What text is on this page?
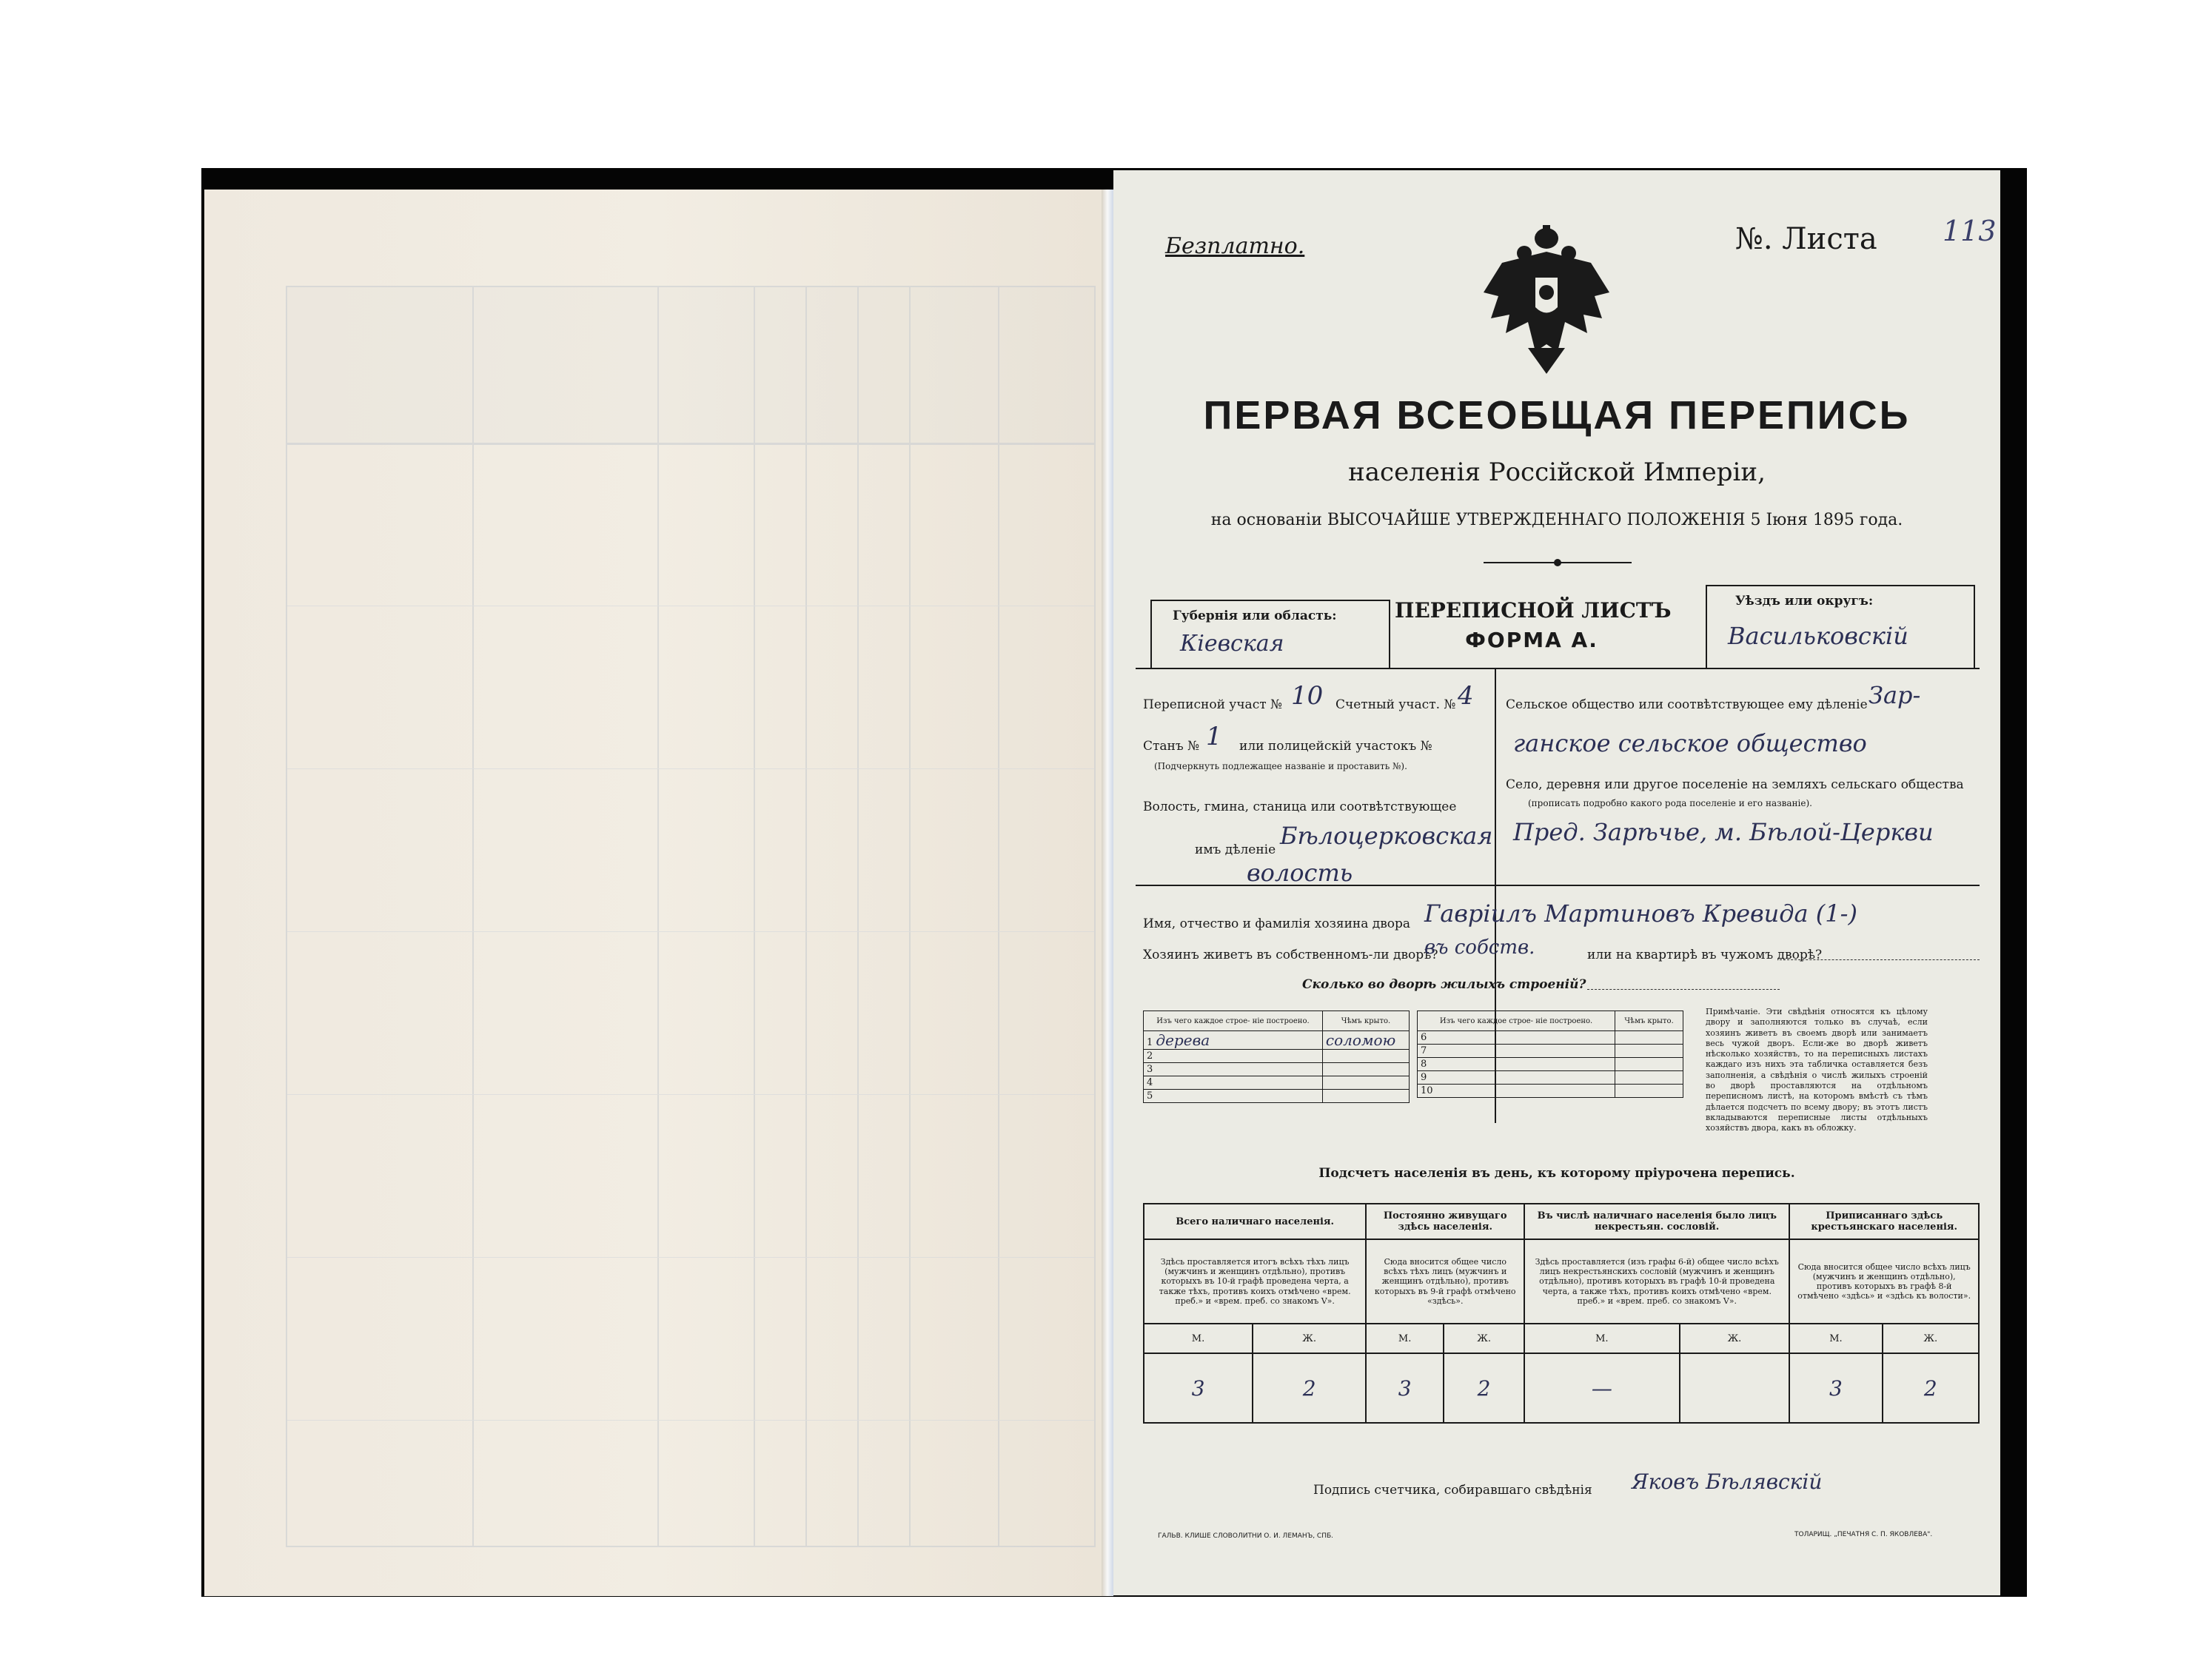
Безплатно.	№. Листа 113
ПЕРВАЯ ВСЕОБЩАЯ ПЕРЕПИСЬ
населенія Россійской Имперіи,
на основаніи ВЫСОЧАЙШЕ УТВЕРЖДЕННАГО ПОЛОЖЕНІЯ 5 Іюня 1895 года.
Губернія или область:
Кіевская
ПЕРЕПИСНОЙ ЛИСТЪ
ФОРМА А.
Уѣздъ или округъ:
Васильковскій
Переписной участ № 10 Счетный участ. № 4
Станъ № 1 или полицейскій участокъ №
(Подчеркнуть подлежащее названіе и проставить №).
Волость, гмина, станица или соотвѣтствующее
имъ дѣленіе Бѣлоцерковская
волость
Сельское общество или соотвѣтствующее ему дѣленіе Зар-
ганское сельское общество
Село, деревня или другое поселеніе на земляхъ сельскаго общества
(прописать подробно какого рода поселеніе и его названіе).
Пред. Зарѣчье, м. Бѣлой-Церкви
Имя, отчество и фамилія хозяина двора Гавріилъ Мартиновъ Кревида (1-)
Хозяинъ живетъ въ собственномъ-ли дворѣ?
въ собств.	или на квартирѣ въ чужомъ дворѣ?
Сколько во дворѣ жилыхъ строеній?
Изъ чего каждое строе- ніе построено.	Чѣмъ крыто.
1 дерева	соломою
2	
3	
4	
5	
Изъ чего каждое строе- ніе построено.	Чѣмъ крыто.
6	
7	
8	
9	
10	
Примѣчаніе. Эти свѣдѣнія относятся къ цѣлому двору и заполняются только въ случаѣ, если хозяинъ живетъ въ своемъ дворѣ или занимаетъ весь чужой дворъ. Если-же во дворѣ живетъ нѣсколько хозяйствъ, то на переписныхъ листахъ каждаго изъ нихъ эта табличка оставляется безъ заполненія, а свѣдѣнія о числѣ жилыхъ строеній во дворѣ проставляются на отдѣльномъ переписномъ листѣ, на которомъ вмѣстѣ съ тѣмъ дѣлается подсчетъ по всему двору; въ этотъ листъ вкладываются переписные листы отдѣльныхъ хозяйствъ двора, какъ въ обложку.
Подсчетъ населенія въ день, къ которому пріурочена перепись.
Всего наличнаго населенія.		Постоянно живущаго здѣсь населенія.		Въ числѣ наличнаго населенія было лицъ некрестьян. сословій.		Приписаннаго здѣсь крестьянскаго населенія.	
Здѣсь проставляется итогъ всѣхъ тѣхъ лицъ (мужчинъ и женщинъ отдѣльно), противъ которыхъ въ 10-й графѣ проведена черта, а также тѣхъ, противъ коихъ отмѣчено «врем. преб.» и «врем. преб. со знакомъ V».		Сюда вносится общее число всѣхъ тѣхъ лицъ (мужчинъ и женщинъ отдѣльно), противъ которыхъ въ 9-й графѣ отмѣчено «здѣсь».		Здѣсь проставляется (изъ графы 6-й) общее число всѣхъ лицъ некрестьянскихъ сословій (мужчинъ и женщинъ отдѣльно), противъ которыхъ въ графѣ 10-й проведена черта, а также тѣхъ, противъ коихъ отмѣчено «врем. преб.» и «врем. преб. со знакомъ V».		Сюда вносится общее число всѣхъ лицъ (мужчинъ и женщинъ отдѣльно), противъ которыхъ въ графѣ 8-й отмѣчено «здѣсь» и «здѣсь къ волости».	
М.	Ж.	М.	Ж.	М.	Ж.	М.	Ж.
3	2	3	2	—		3	2
Подпись счетчика, собиравшаго свѣдѣнія Яковъ Бѣлявскій
ГАЛЬВ. КЛИШЕ СЛОВОЛИТНИ О. И. ЛЕМАНЪ, СПБ.	ТОЛАРИЩ. „ПЕЧАТНЯ С. П. ЯКОВЛЕВА".
